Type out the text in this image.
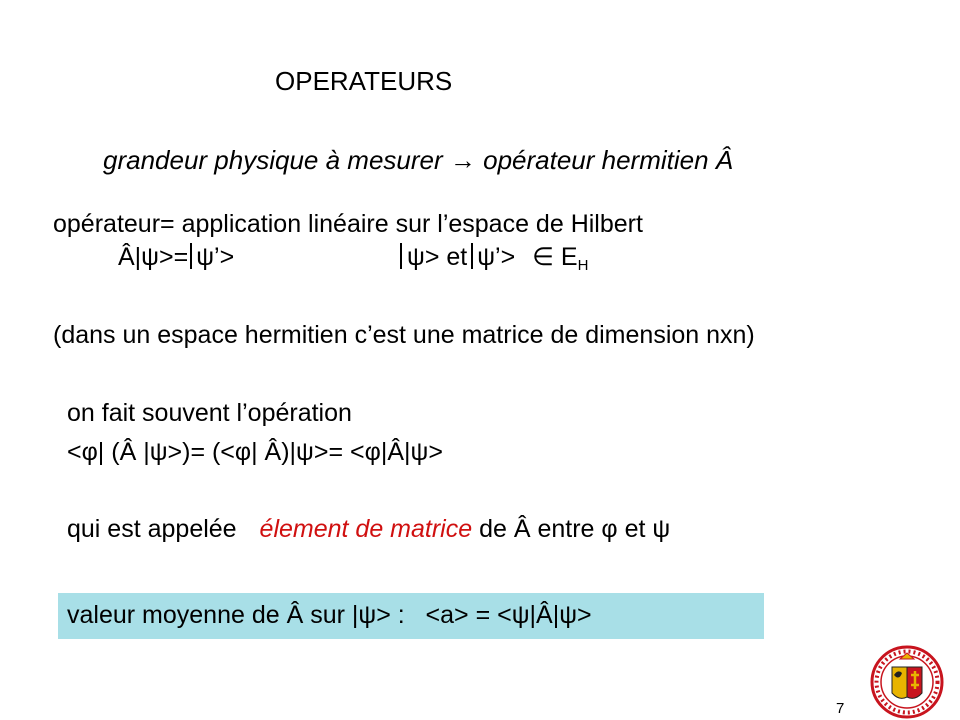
OPERATEURS
grandeur physique à mesurer → opérateur hermitien Â
opérateur= application linéaire sur l’espace de Hilbert
Â|ψ>= ψ’>	ψ> et ψ’> ∈ $E_H$
(dans un espace hermitien c’est une matrice de dimension nxn)
on fait souvent l’opération
<φ| (Â |ψ>)= (<φ| Â)|ψ>= <φ|Â|ψ>
qui est appelée élement de matrice de Â entre φ et ψ
valeur moyenne de Â sur |ψ> :   <a> = <ψ|Â|ψ>
7
